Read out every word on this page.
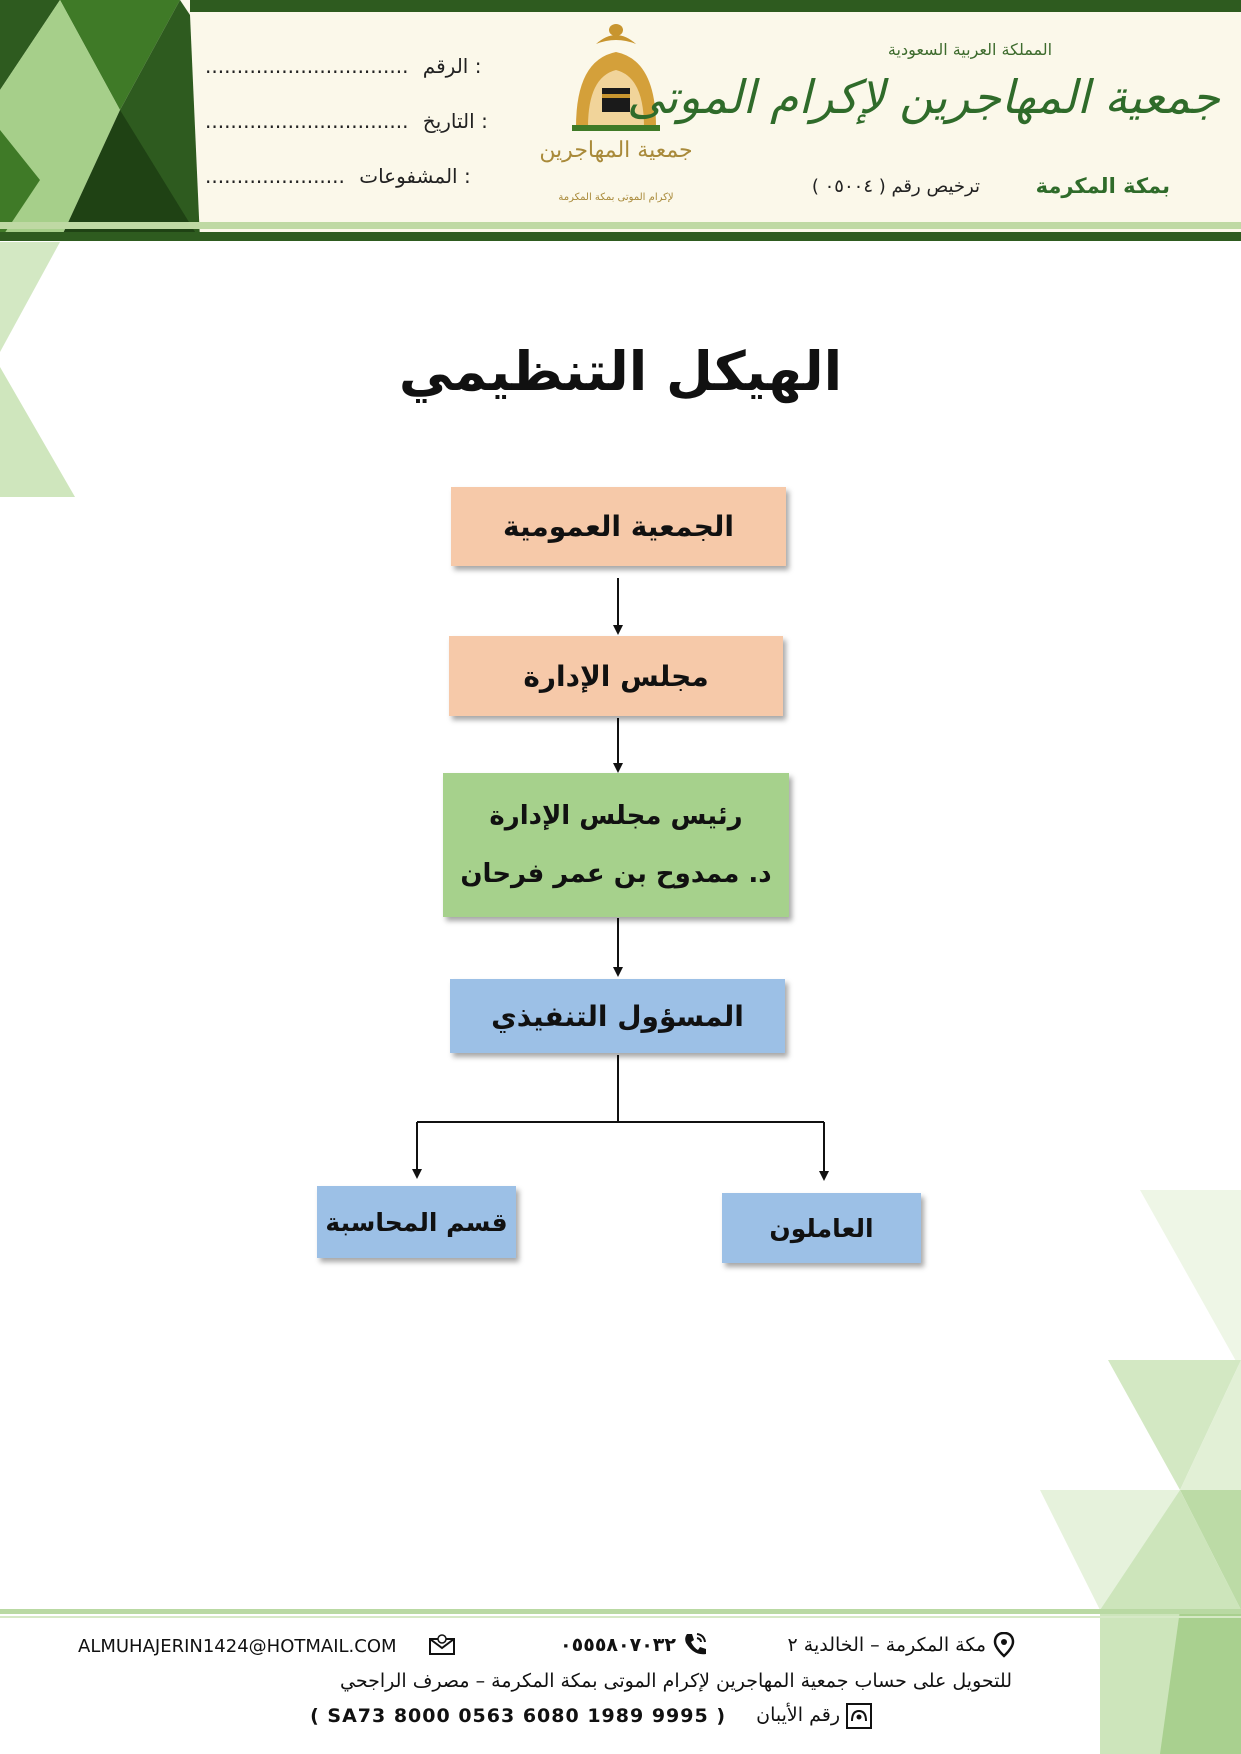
................................ الرقم :
................................ التاريخ :
...................... المشفوعات :
جمعية المهاجرين
لإكرام الموتى بمكة المكرمة
المملكة العربية السعودية
جمعية المهاجرين لإكرام الموتى
بمكة المكرمة
ترخيص رقم ( ٠٥٠٠٤ )
الهيكل التنظيمي
الجمعية العمومية
مجلس الإدارة
رئيس مجلس الإدارة
د. ممدوح بن عمر فرحان
المسؤول التنفيذي
قسم المحاسبة	العاملون
مكة المكرمة – الخالدية ٢
٠٥٥٥٨٠٧٠٣٢
ALMUHAJERIN1424@HOTMAIL.COM
للتحويل على حساب جمعية المهاجرين لإكرام الموتى بمكة المكرمة – مصرف الراجحي
رقم الأيبان
( SA73 8000 0563 6080 1989 9995 )
